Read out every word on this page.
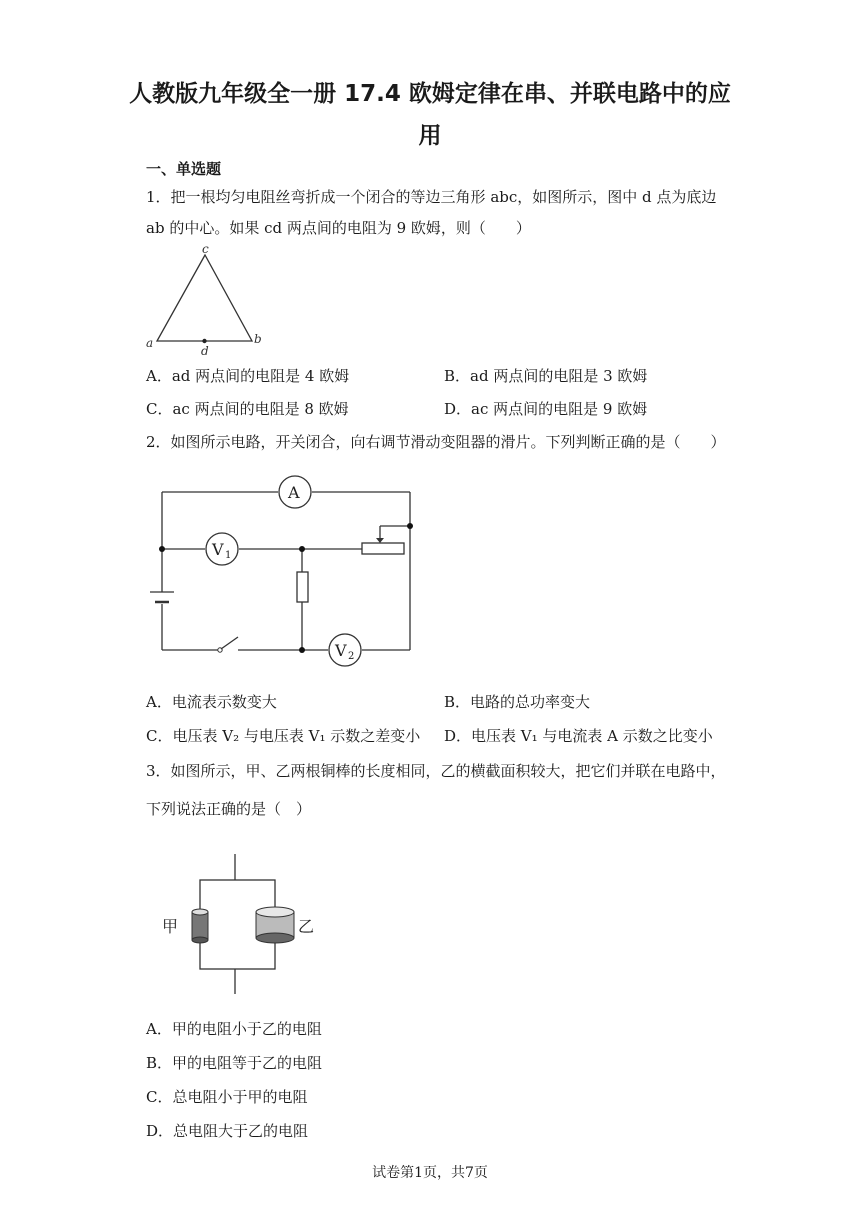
人教版九年级全一册 17.4 欧姆定律在串、并联电路中的应
用
一、单选题
1．把一根均匀电阻丝弯折成一个闭合的等边三角形 abc，如图所示，图中 d 点为底边
ab 的中心。如果 cd 两点间的电阻为 9 欧姆，则（　　）
c
a	b
d
A．ad 两点间的电阻是 4 欧姆	B．ad 两点间的电阻是 3 欧姆
C．ac 两点间的电阻是 8 欧姆	D．ac 两点间的电阻是 9 欧姆
2．如图所示电路，开关闭合，向右调节滑动变阻器的滑片。下列判断正确的是（　　）
A
V 1
V 2
A．电流表示数变大	B．电路的总功率变大
C．电压表 V₂ 与电压表 V₁ 示数之差变小 D．电压表 V₁ 与电流表 A 示数之比变小
3．如图所示，甲、乙两根铜棒的长度相同，乙的横截面积较大，把它们并联在电路中，
下列说法正确的是（　）
甲	乙
A．甲的电阻小于乙的电阻
B．甲的电阻等于乙的电阻
C．总电阻小于甲的电阻
D．总电阻大于乙的电阻
试卷第1页，共7页
